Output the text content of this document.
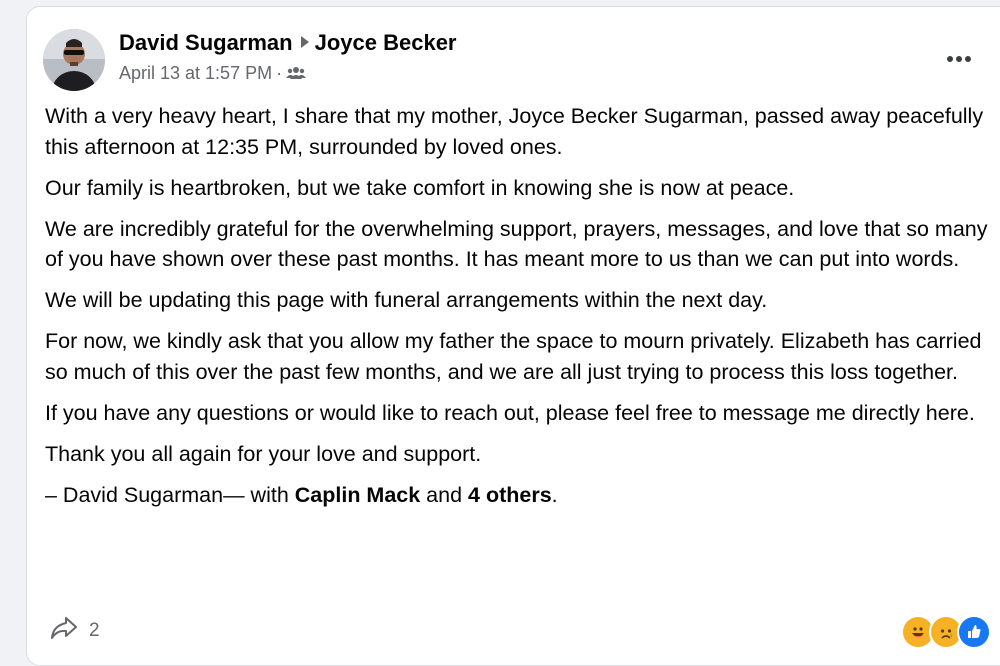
David Sugarman Joyce Becker
April 13 at 1:57 PM ·

With a very heavy heart, I share that my mother, Joyce Becker Sugarman, passed away peacefully this afternoon at 12:35 PM, surrounded by loved ones.

Our family is heartbroken, but we take comfort in knowing she is now at peace.

We are incredibly grateful for the overwhelming support, prayers, messages, and love that so many of you have shown over these past months. It has meant more to us than we can put into words.

We will be updating this page with funeral arrangements within the next day.

For now, we kindly ask that you allow my father the space to mourn privately. Elizabeth has carried so much of this over the past few months, and we are all just trying to process this loss together.

If you have any questions or would like to reach out, please feel free to message me directly here.

Thank you all again for your love and support.

– David Sugarman— with Caplin Mack and 4 others.

2
